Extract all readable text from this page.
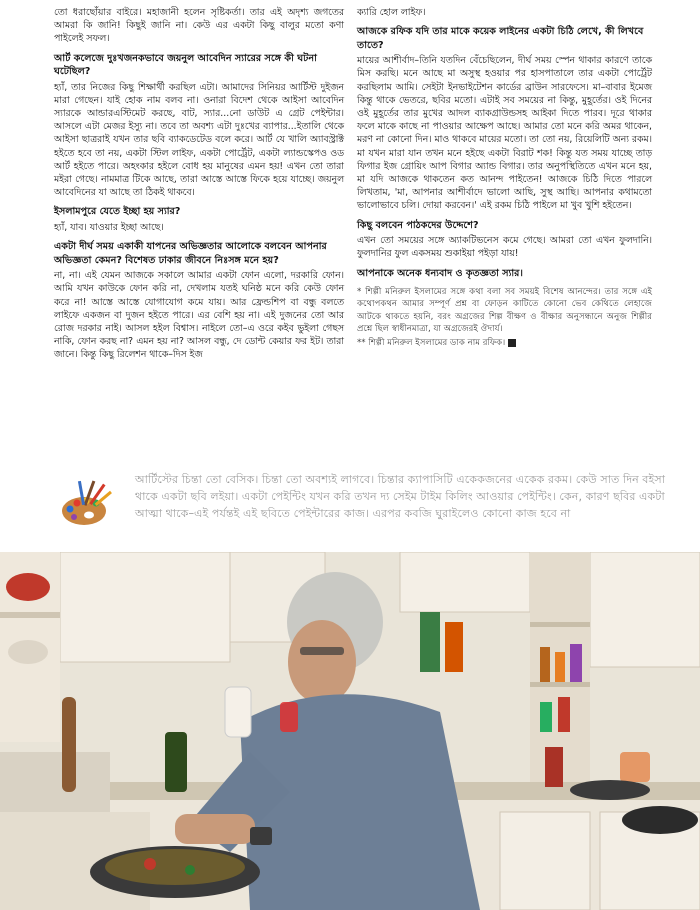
তো ধরাছোঁয়ার বাইরে। মহাজানী হলেন সৃষ্টিকর্তা। তার এই অদৃশ্য জগতের আমরা কি জানি! কিছুই জানি না। কেউ এর একটা কিছু বালুর মতো কণা পাইলেই সফল।

আর্ট কলেজে দুঃখজনকভাবে জয়নুল আবেদিন স্যারের সঙ্গে কী ঘটনা ঘটেছিল?

হ্যাঁ, তার নিজের কিছু শিক্ষার্থী করছিল এটা। আমাদের সিনিয়র আর্টিস্ট দুইজন মারা গেছেন। যাই হোক নাম বলব না। ওনারা বিদেশ থেকে আইসা আবেদিন স্যারকে আন্ডারএস্টিমেট করছে, বাট, স্যার...নো ডাউট এ গ্রেট পেইন্টার। আসলে এটা মেজর ইস্যু না। তবে তা অবশ্য এটা দুঃখের ব্যাপার...ইতালি থেকে আইসা ছাত্ররাই যখন তার ছবি ব্যাকডেটেড বলে করে। আর্ট যে খালি অ্যাবস্ট্রাক্ট হইতে হবে তা নয়, একটা স্টিল লাইফ, একটা পোর্ট্রেট, একটা ল্যান্ডস্কেপও ওড আর্ট হইতে পারে। অহংকার হইলে বোধ হয় মানুষের এমন হয়! এখন তো তারা মইরা গেছে। নামমাত্র টিকে আছে, তারা আস্তে আস্তে ফিকে হয়ে যাচ্ছে। জয়নুল আবেদিনের যা আছে তা ঠিকই থাকবে।

ইসলামপুরে যেতে ইচ্ছা হয় স্যার?

হ্যাঁ, যাব। যাওয়ার ইচ্ছা আছে।

একটা দীর্ঘ সময় একাকী যাপনের অভিজ্ঞতার আলোকে বলবেন আপনার অভিজ্ঞতা কেমন? বিশেষত ঢাকার জীবনে নিঃসঙ্গ মনে হয়?

না, না। এই যেমন আজকে সকালে আমার একটা ফোন এলো, দরকারি ফোন। আমি যখন কাউকে ফোন করি না, দেখলাম যতই ঘনিষ্ঠ মনে করি কেউ ফোন করে না! আস্তে আস্তে যোগাযোগ কমে যায়। আর ফ্রেন্ডশিপ বা বন্ধু বলতে লাইফে একজন বা দুজন হইতে পারে। এর বেশি হয় না। এই দুজনের তো আর রোজ দরকার নাই। আসল হইল বিশ্বাস। নাইলে তো–এ ওরে কইব ভুইলা গেছস নাকি, ফোন করছ না? এমন হয় না? আসল বন্ধু, দে ডোন্ট কেয়ার ফর ইট। তারা জানে। কিন্তু কিছু রিলেশন থাকে–দিস ইজ

ক্যারি হোল লাইফ।

আজকে রফিক যদি তার মাকে কয়েক লাইনের একটা চিঠি লেখে, কী লিখবে তাতে?

মায়ের আশীর্বাদ–তিনি যতদিন বেঁচেছিলেন, দীর্ঘ সময় স্পেন থাকার কারণে তাকে মিস করছি। মনে আছে মা অসুস্থ হওয়ার পর হাসপাতালে তার একটা পোর্ট্রেট করছিলাম আমি। সেইটা ইনভাইটেশন কার্ডের ব্রাউন সারফেসে। মা–বাবার ইমেজ কিন্তু থাকে ভেতরে, ছবির মতো। এটাই সব সময়ের না কিন্তু, মুহূর্তের। ওই দিনের ওই মুহূর্তের তার মুখের আদল ব্যাকগ্রাউন্ডসহ আইকা দিতে পারব। দূরে থাকার ফলে মাকে কাছে না পাওয়ার আক্ষেপ আছে। আমার তো মনে করি অমর থাকেন, মরণ না কোনো দিন। মাও থাকবে মায়ের মতো। তা তো নয়, রিয়েলিটি অন্য রকম। মা যখন মারা যান তখন মনে হইছে একটা বিরাট শক! কিন্তু যত সময় যাচ্ছে তাড় ফিগার ইজ গ্রোয়িং আপ বিগার অ্যান্ড বিগার। তার অনুপস্থিতিতে এখন মনে হয়, মা যদি আজকে থাকতেন কত আনন্দ পাইতেন! আজকে চিঠি দিতে পারলে লিখতাম, 'মা, আপনার আশীর্বাদে ভালো আছি, সুস্থ আছি। আপনার কথামতো ভালোভাবে চলি। দোয়া করবেন।' এই রকম চিঠি পাইলে মা খুব খুশি হইতেন।

কিছু বলবেন পাঠকদের উদ্দেশে?

এখন তো সময়ের সঙ্গে অ্যাকটিভনেস কমে গেছে। আমরা তো এখন ফুলদানি। ফুলদানির ফুল একসময় শুকাইয়া পইড়া যায়!

আপনাকে অনেক ধন্যবাদ ও কৃতজ্ঞতা স্যার।

* শিল্পী মনিরুল ইসলামের সঙ্গে কথা বলা সব সময়ই বিশেষ আনন্দের। তার সঙ্গে এই কথোপকথন আমার সম্পূর্ণ প্রশ্ন বা ফোড়ন কাটিতে কোনো ভেব কেথিতে লেহাজে আটকে থাকতে হয়নি, বরং অগ্রজের শিল্প বীক্ষণ ও বীক্ষার অনুসন্ধানে অনুজ শিল্পীর প্রশ্নে ছিল স্বাধীনমাত্রা, যা অগ্রজেরই ঔদার্য।

** শিল্পী মনিরুল ইসলামের ডাক নাম রফিক।

আর্টিস্টের চিন্তা তো বেসিক। চিন্তা তো অবশ্যই লাগবে। চিন্তার ক্যাপাসিটি একেকজনের একেক রকম। কেউ সাত দিন বইসা থাকে একটা ছবি লইয়া। একটা পেইন্টিং যখন করি তখন দ্য সেইম টাইম কিলিং আওয়ার পেইন্টিং। কেন, কারণ ছবির একটা আত্মা থাকে–এই পর্যন্তই এই ছবিতে পেইন্টারের কাজ। এরপর কবজি ঘুরাইলেও কোনো কাজ হবে না
